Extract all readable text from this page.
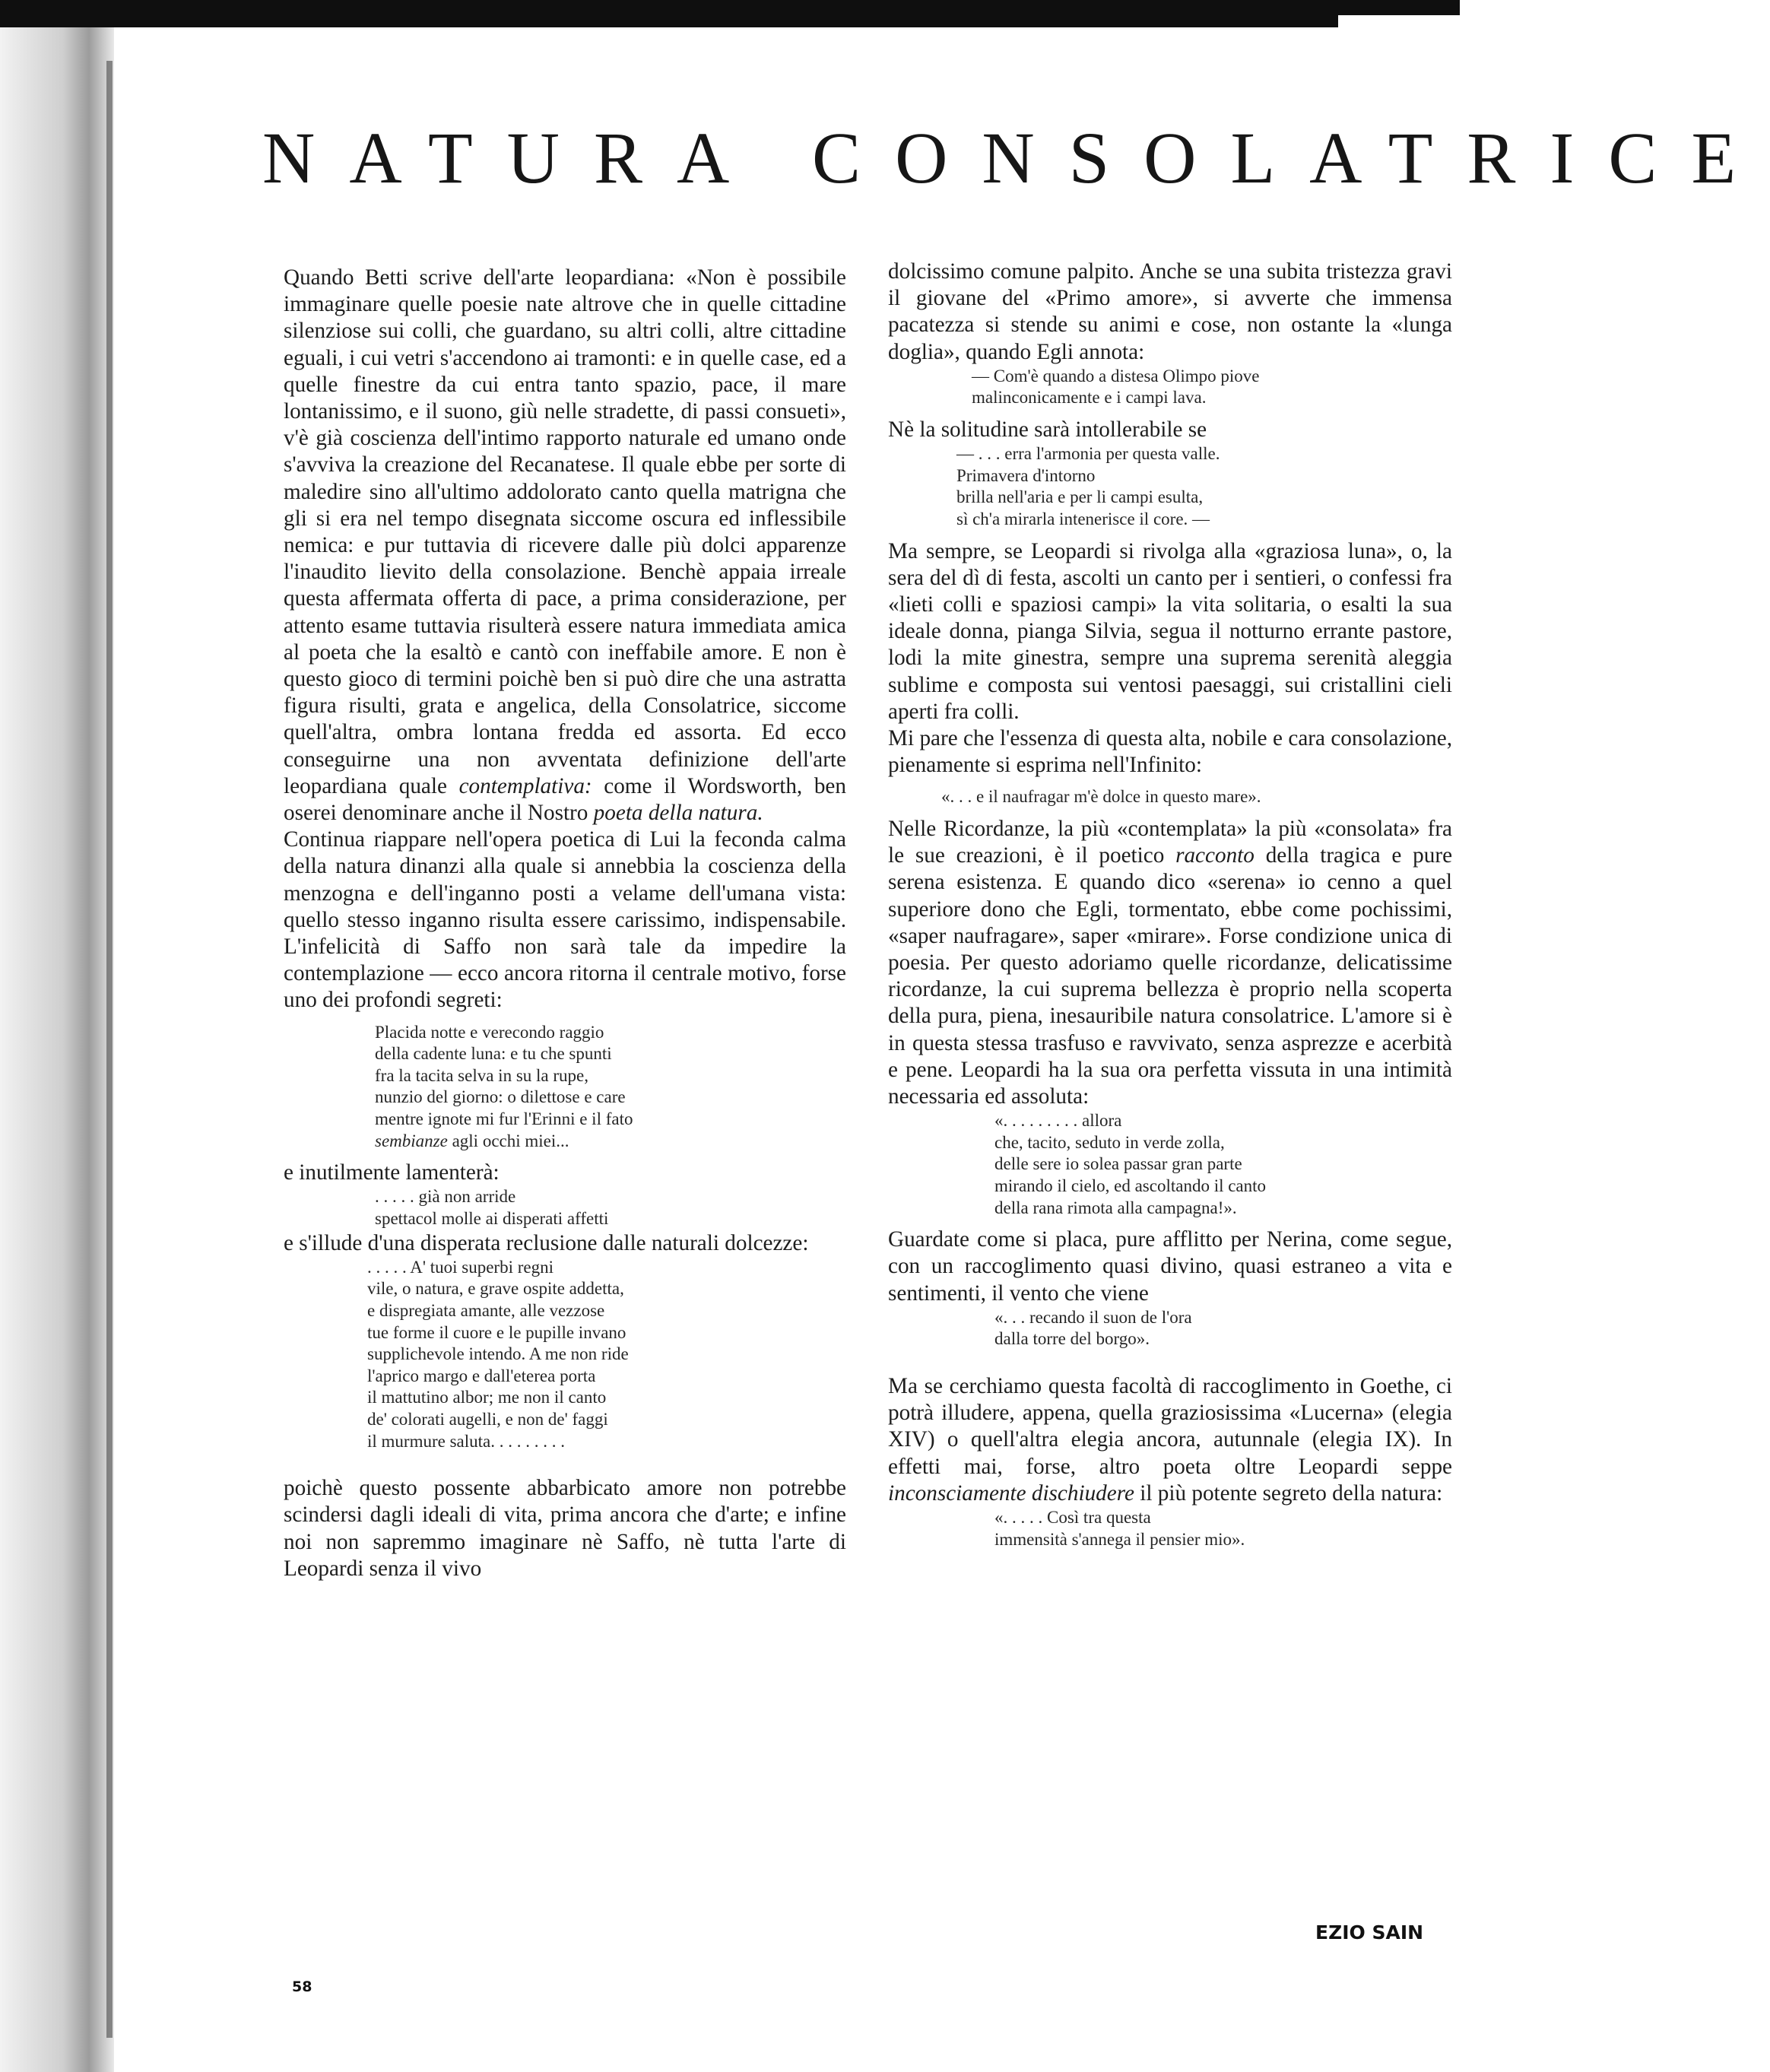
NATURA CONSOLATRICE

Quando Betti scrive dell'arte leopardiana: «Non è possibile immaginare quelle poesie nate altrove che in quelle cittadine silenziose sui colli, che guardano, su altri colli, altre cittadine eguali, i cui vetri s'accendono ai tramonti: e in quelle case, ed a quelle finestre da cui entra tanto spazio, pace, il mare lontanissimo, e il suono, giù nelle stradette, di passi consueti», v'è già coscienza dell'intimo rapporto naturale ed umano onde s'avviva la creazione del Recanatese. Il quale ebbe per sorte di maledire sino all'ultimo addolorato canto quella matrigna che gli si era nel tempo disegnata siccome oscura ed inflessibile nemica: e pur tuttavia di ricevere dalle più dolci apparenze l'inaudito lievito della consolazione. Benchè appaia irreale questa affermata offerta di pace, a prima considerazione, per attento esame tuttavia risulterà essere natura immediata amica al poeta che la esaltò e cantò con ineffabile amore. E non è questo gioco di termini poichè ben si può dire che una astratta figura risulti, grata e angelica, della Consolatrice, siccome quell'altra, ombra lontana fredda ed assorta. Ed ecco conseguirne una non avventata definizione dell'arte leopardiana quale contemplativa: come il Wordsworth, ben oserei denominare anche il Nostro poeta della natura.

Continua riappare nell'opera poetica di Lui la feconda calma della natura dinanzi alla quale si annebbia la coscienza della menzogna e dell'inganno posti a velame dell'umana vista: quello stesso inganno risulta essere carissimo, indispensabile. L'infelicità di Saffo non sarà tale da impedire la contemplazione — ecco ancora ritorna il centrale motivo, forse uno dei profondi segreti:

Placida notte e verecondo raggio
della cadente luna: e tu che spunti
fra la tacita selva in su la rupe,
nunzio del giorno: o dilettose e care
mentre ignote mi fur l'Erinni e il fato
sembianze agli occhi miei...

e inutilmente lamenterà:

. . . . . già non arride
spettacol molle ai disperati affetti

e s'illude d'una disperata reclusione dalle naturali dolcezze:

. . . . . A' tuoi superbi regni
vile, o natura, e grave ospite addetta,
e dispregiata amante, alle vezzose
tue forme il cuore e le pupille invano
supplichevole intendo. A me non ride
l'aprico margo e dall'eterea porta
il mattutino albor; me non il canto
de' colorati augelli, e non de' faggi
il murmure saluta. . . . . . . . .

poichè questo possente abbarbicato amore non potrebbe scindersi dagli ideali di vita, prima ancora che d'arte; e infine noi non sapremmo imaginare nè Saffo, nè tutta l'arte di Leopardi senza il vivo

dolcissimo comune palpito. Anche se una subita tristezza gravi il giovane del «Primo amore», si avverte che immensa pacatezza si stende su animi e cose, non ostante la «lunga doglia», quando Egli annota:

— Com'è quando a distesa Olimpo piove
malinconicamente e i campi lava.

Nè la solitudine sarà intollerabile se

— . . . erra l'armonia per questa valle.
Primavera d'intorno
brilla nell'aria e per li campi esulta,
sì ch'a mirarla intenerisce il core. —

Ma sempre, se Leopardi si rivolga alla «graziosa luna», o, la sera del dì di festa, ascolti un canto per i sentieri, o confessi fra «lieti colli e spaziosi campi» la vita solitaria, o esalti la sua ideale donna, pianga Silvia, segua il notturno errante pastore, lodi la mite ginestra, sempre una suprema serenità aleggia sublime e composta sui ventosi paesaggi, sui cristallini cieli aperti fra colli.

Mi pare che l'essenza di questa alta, nobile e cara consolazione, pienamente si esprima nell'Infinito:

«. . . e il naufragar m'è dolce in questo mare».

Nelle Ricordanze, la più «contemplata» la più «consolata» fra le sue creazioni, è il poetico racconto della tragica e pure serena esistenza. E quando dico «serena» io cenno a quel superiore dono che Egli, tormentato, ebbe come pochissimi, «saper naufragare», saper «mirare». Forse condizione unica di poesia. Per questo adoriamo quelle ricordanze, delicatissime ricordanze, la cui suprema bellezza è proprio nella scoperta della pura, piena, inesauribile natura consolatrice. L'amore si è in questa stessa trasfuso e ravvivato, senza asprezze e acerbità e pene. Leopardi ha la sua ora perfetta vissuta in una intimità necessaria ed assoluta:

«. . . . . . . . . allora
che, tacito, seduto in verde zolla,
delle sere io solea passar gran parte
mirando il cielo, ed ascoltando il canto
della rana rimota alla campagna!».

Guardate come si placa, pure afflitto per Nerina, come segue, con un raccoglimento quasi divino, quasi estraneo a vita e sentimenti, il vento che viene

«. . . recando il suon de l'ora
dalla torre del borgo».

Ma se cerchiamo questa facoltà di raccoglimento in Goethe, ci potrà illudere, appena, quella graziosissima «Lucerna» (elegia XIV) o quell'altra elegia ancora, autunnale (elegia IX). In effetti mai, forse, altro poeta oltre Leopardi seppe inconsciamente dischiudere il più potente segreto della natura:

«. . . . . Così tra questa
immensità s'annega il pensier mio».

EZIO SAIN
58
